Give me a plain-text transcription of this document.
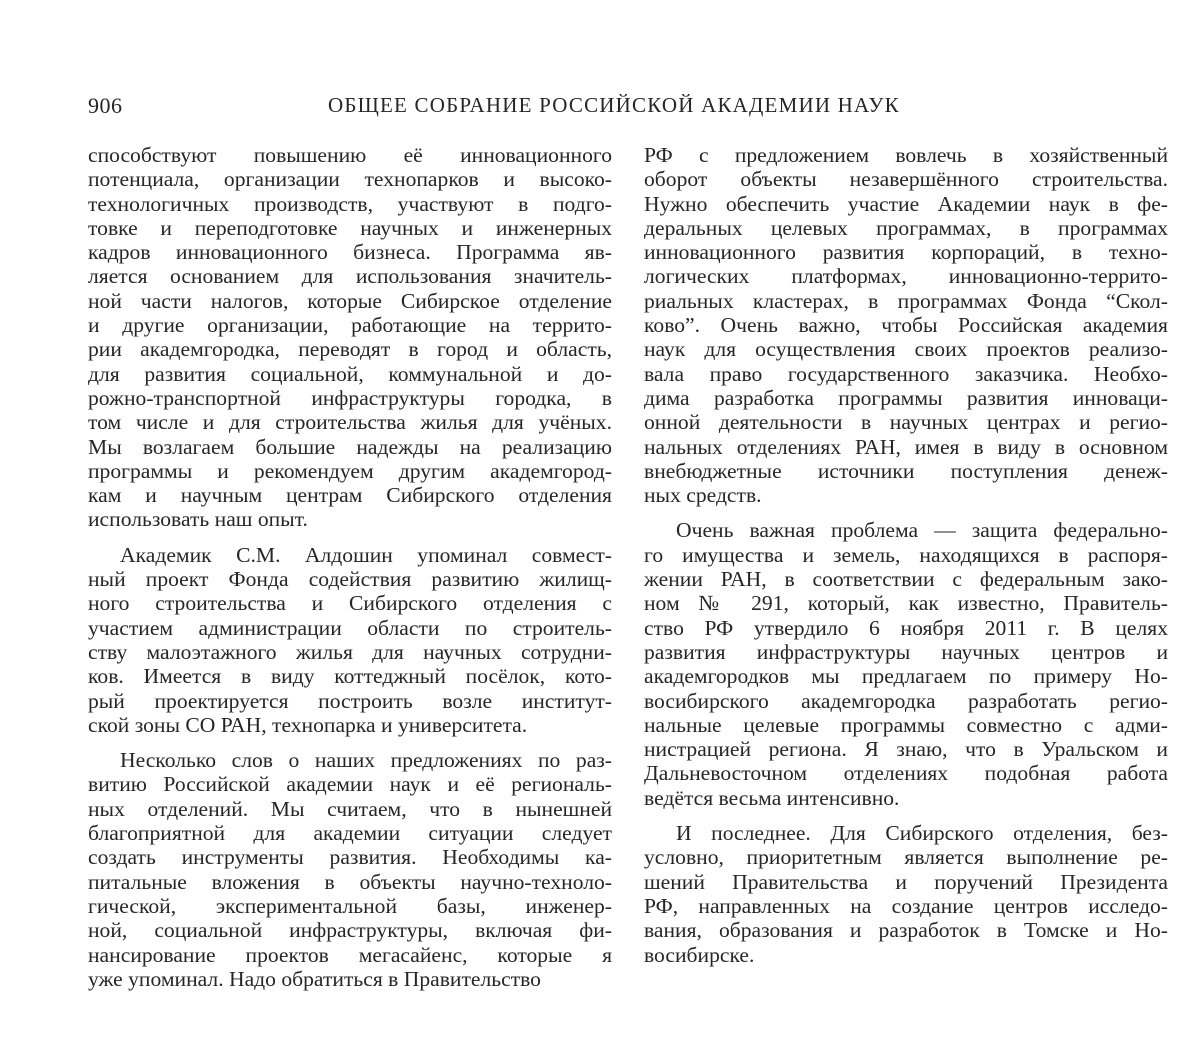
906	ОБЩЕЕ СОБРАНИЕ РОССИЙСКОЙ АКАДЕМИИ НАУК
способствуют повышению её инновационного
потенциала, организации технопарков и высоко-
технологичных производств, участвуют в подго-
товке и переподготовке научных и инженерных
кадров инновационного бизнеса. Программа яв-
ляется основанием для использования значитель-
ной части налогов, которые Сибирское отделение
и другие организации, работающие на террито-
рии академгородка, переводят в город и область,
для развития социальной, коммунальной и до-
рожно-транспортной инфраструктуры городка, в
том числе и для строительства жилья для учёных.
Мы возлагаем большие надежды на реализацию
программы и рекомендуем другим академгород-
кам и научным центрам Сибирского отделения
использовать наш опыт.
Академик С.М. Алдошин упоминал совмест-
ный проект Фонда содействия развитию жилищ-
ного строительства и Сибирского отделения с
участием администрации области по строитель-
ству малоэтажного жилья для научных сотрудни-
ков. Имеется в виду коттеджный посёлок, кото-
рый проектируется построить возле институт-
ской зоны СО РАН, технопарка и университета.
Несколько слов о наших предложениях по раз-
витию Российской академии наук и её региональ-
ных отделений. Мы считаем, что в нынешней
благоприятной для академии ситуации следует
создать инструменты развития. Необходимы ка-
питальные вложения в объекты научно-техноло-
гической, экспериментальной базы, инженер-
ной, социальной инфраструктуры, включая фи-
нансирование проектов мегасайенс, которые я
уже упоминал. Надо обратиться в Правительство
РФ с предложением вовлечь в хозяйственный
оборот объекты незавершённого строительства.
Нужно обеспечить участие Академии наук в фе-
деральных целевых программах, в программах
инновационного развития корпораций, в техно-
логических платформах, инновационно-террито-
риальных кластерах, в программах Фонда “Скол-
ково”. Очень важно, чтобы Российская академия
наук для осуществления своих проектов реализо-
вала право государственного заказчика. Необхо-
дима разработка программы развития инноваци-
онной деятельности в научных центрах и регио-
нальных отделениях РАН, имея в виду в основном
внебюджетные источники поступления денеж-
ных средств.
Очень важная проблема — защита федерально-
го имущества и земель, находящихся в распоря-
жении РАН, в соответствии с федеральным зако-
ном № 291, который, как известно, Правитель-
ство РФ утвердило 6 ноября 2011 г. В целях
развития инфраструктуры научных центров и
академгородков мы предлагаем по примеру Но-
восибирского академгородка разработать регио-
нальные целевые программы совместно с адми-
нистрацией региона. Я знаю, что в Уральском и
Дальневосточном отделениях подобная работа
ведётся весьма интенсивно.
И последнее. Для Сибирского отделения, без-
условно, приоритетным является выполнение ре-
шений Правительства и поручений Президента
РФ, направленных на создание центров исследо-
вания, образования и разработок в Томске и Но-
восибирске.
